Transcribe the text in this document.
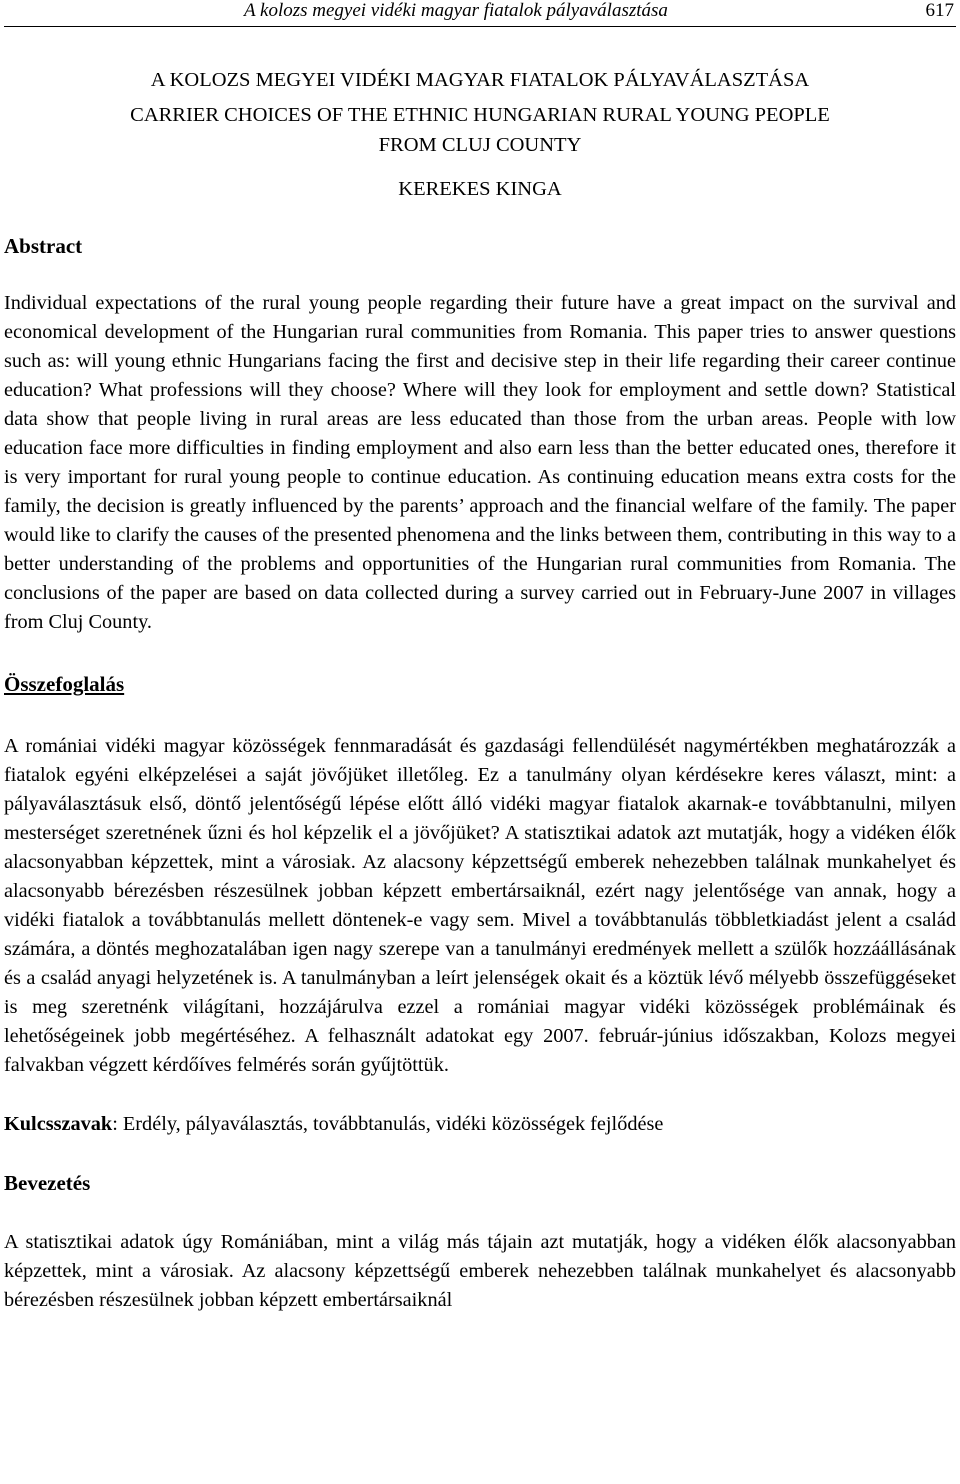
A kolozs megyei vidéki magyar fiatalok pályaválasztása	617
A KOLOZS MEGYEI VIDÉKI MAGYAR FIATALOK PÁLYAVÁLASZTÁSA
CARRIER CHOICES OF THE ETHNIC HUNGARIAN RURAL YOUNG PEOPLE
FROM CLUJ COUNTY
KEREKES KINGA
Abstract

Individual expectations of the rural young people regarding their future have a great impact on the survival and economical development of the Hungarian rural communities from Romania. This paper tries to answer questions such as: will young ethnic Hungarians facing the first and decisive step in their life regarding their career continue education? What professions will they choose? Where will they look for employment and settle down? Statistical data show that people living in rural areas are less educated than those from the urban areas. People with low education face more difficulties in finding employment and also earn less than the better educated ones, therefore it is very important for rural young people to continue education. As continuing education means extra costs for the family, the decision is greatly influenced by the parents’ approach and the financial welfare of the family. The paper would like to clarify the causes of the presented phenomena and the links between them, contributing in this way to a better understanding of the problems and opportunities of the Hungarian rural communities from Romania. The conclusions of the paper are based on data collected during a survey carried out in February-June 2007 in villages from Cluj County.

Összefoglalás

A romániai vidéki magyar közösségek fennmaradását és gazdasági fellendülését nagymértékben meghatározzák a fiatalok egyéni elképzelései a saját jövőjüket illetőleg. Ez a tanulmány olyan kérdésekre keres választ, mint: a pályaválasztásuk első, döntő jelentőségű lépése előtt álló vidéki magyar fiatalok akarnak-e továbbtanulni, milyen mesterséget szeretnének űzni és hol képzelik el a jövőjüket? A statisztikai adatok azt mutatják, hogy a vidéken élők alacsonyabban képzettek, mint a városiak. Az alacsony képzettségű emberek nehezebben találnak munkahelyet és alacsonyabb bérezésben részesülnek jobban képzett embertársaiknál, ezért nagy jelentősége van annak, hogy a vidéki fiatalok a továbbtanulás mellett döntenek-e vagy sem. Mivel a továbbtanulás többletkiadást jelent a család számára, a döntés meghozatalában igen nagy szerepe van a tanulmányi eredmények mellett a szülők hozzáállásának és a család anyagi helyzetének is. A tanulmányban a leírt jelenségek okait és a köztük lévő mélyebb összefüggéseket is meg szeretnénk világítani, hozzájárulva ezzel a romániai magyar vidéki közösségek problémáinak és lehetőségeinek jobb megértéséhez. A felhasznált adatokat egy 2007. február-június időszakban, Kolozs megyei falvakban végzett kérdőíves felmérés során gyűjtöttük.

Kulcsszavak: Erdély, pályaválasztás, továbbtanulás, vidéki közösségek fejlődése

Bevezetés

A statisztikai adatok úgy Romániában, mint a világ más tájain azt mutatják, hogy a vidéken élők alacsonyabban képzettek, mint a városiak. Az alacsony képzettségű emberek nehezebben találnak munkahelyet és alacsonyabb bérezésben részesülnek jobban képzett embertársaiknál
